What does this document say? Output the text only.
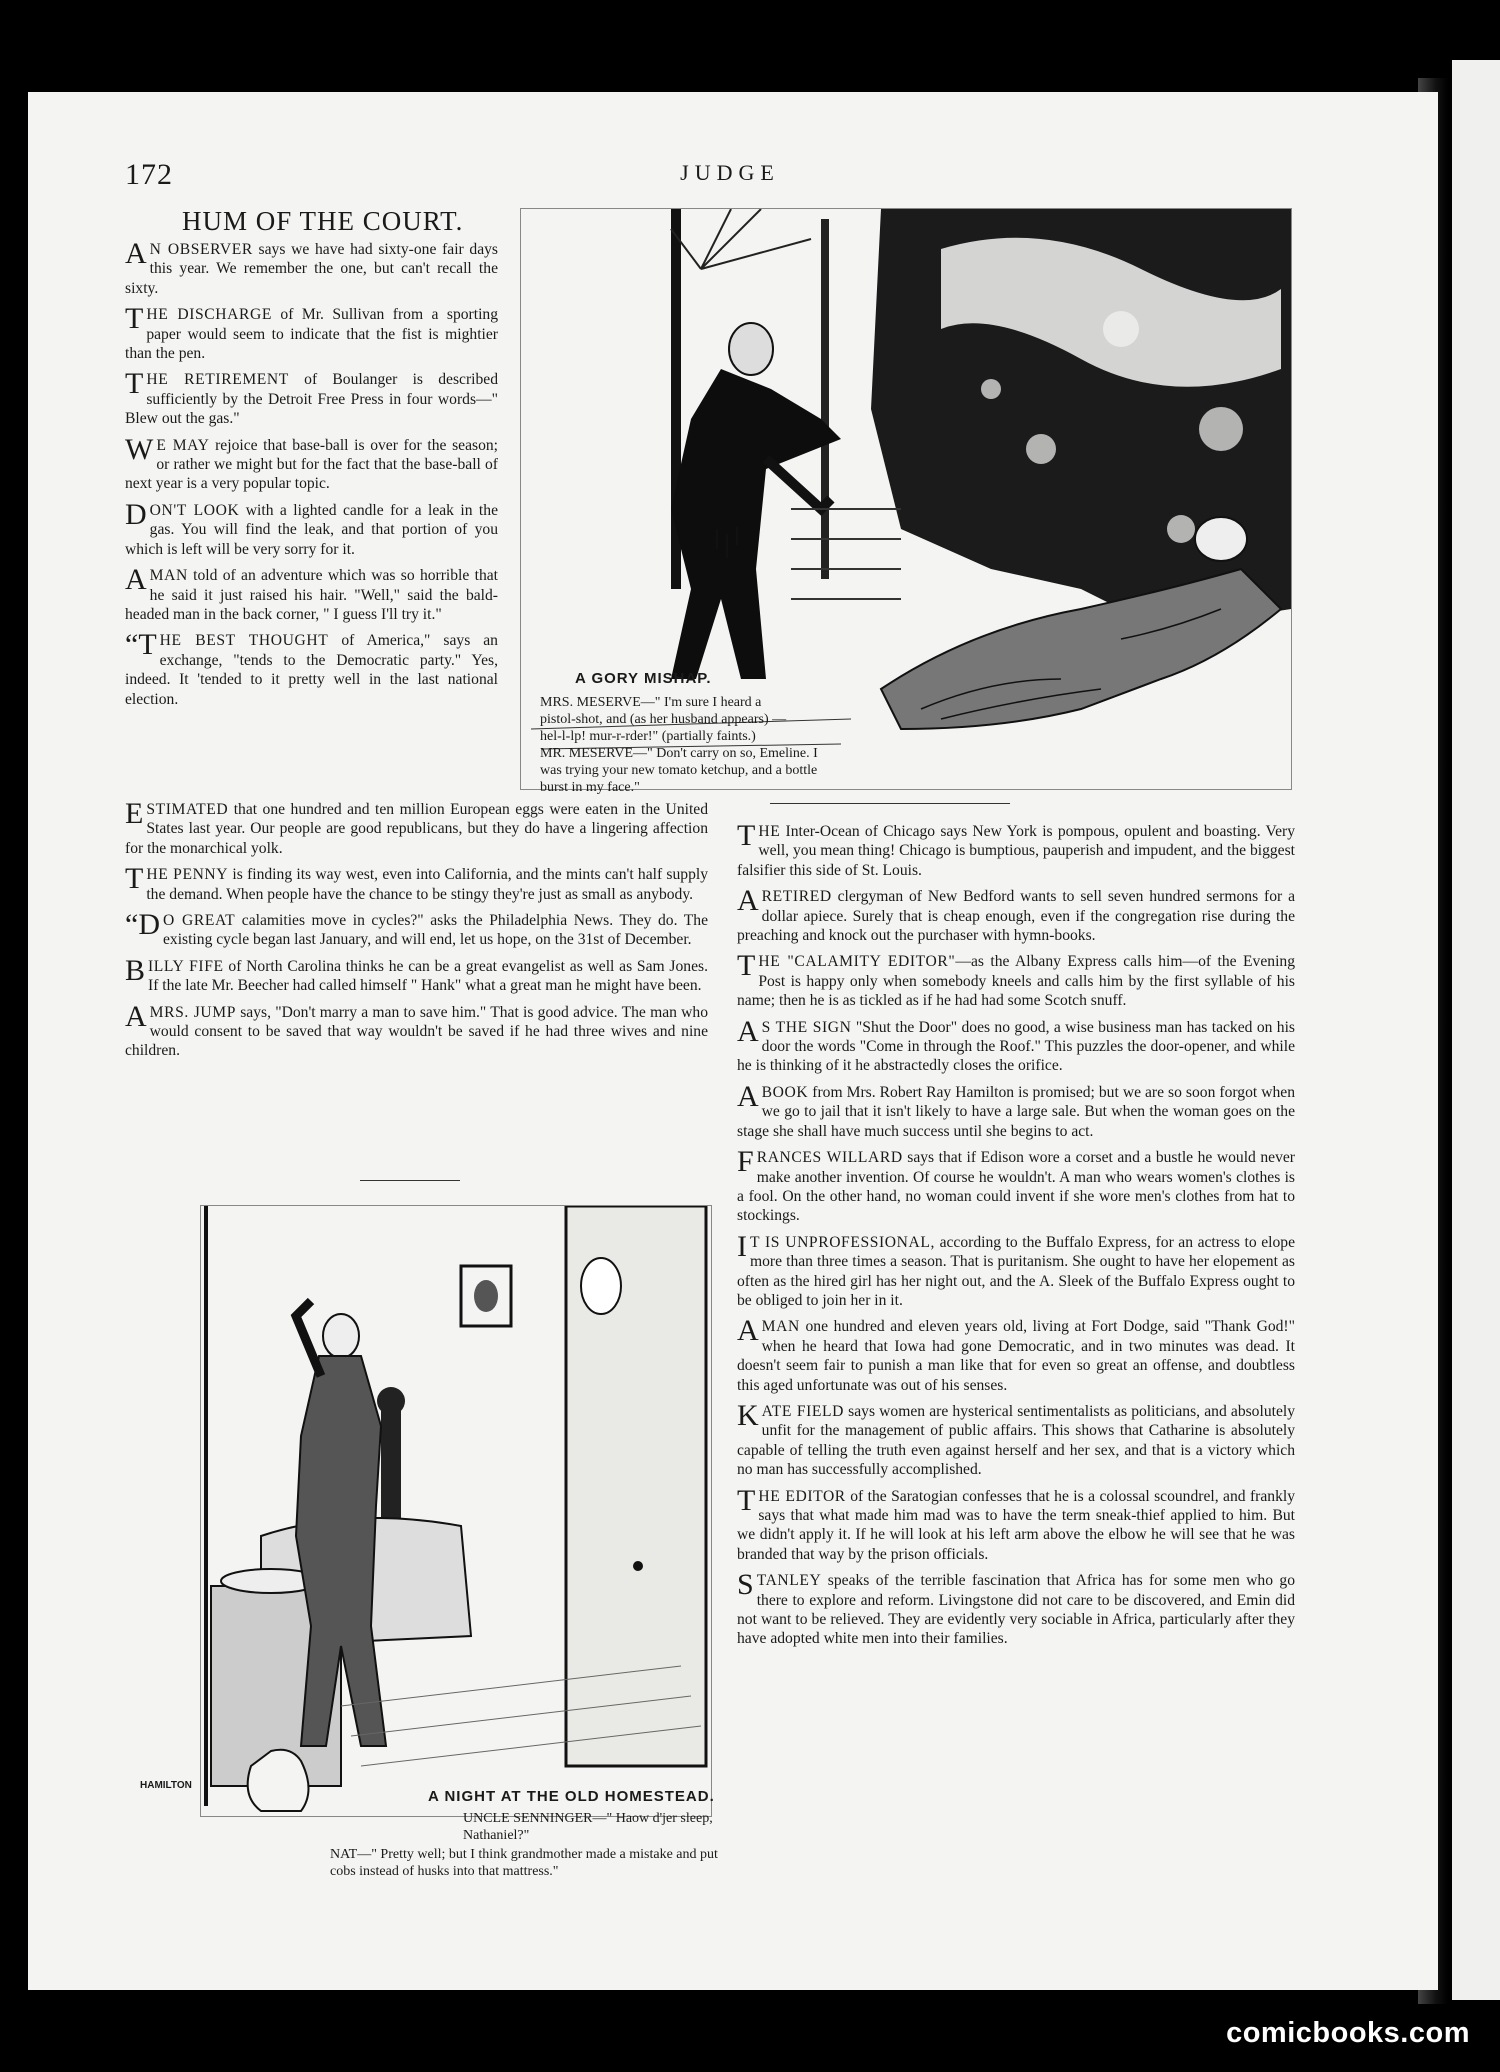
172	JUDGE
HUM OF THE COURT.

A N OBSERVER says we have had sixty-one fair days this year. We remember the one, but can't recall the sixty.

THE DISCHARGE of Mr. Sullivan from a sporting paper would seem to indicate that the fist is mightier than the pen.

THE RETIREMENT of Boulanger is described sufficiently by the Detroit Free Press in four words—" Blew out the gas."

W E MAY rejoice that base-ball is over for the season; or rather we might but for the fact that the base-ball of next year is a very popular topic.

DON'T LOOK with a lighted candle for a leak in the gas. You will find the leak, and that portion of you which is left will be very sorry for it.

A MAN told of an adventure which was so horrible that he said it just raised his hair. "Well," said the bald-headed man in the back corner, " I guess I'll try it."

“THE BEST THOUGHT of America," says an exchange, "tends to the Democratic party." Yes, indeed. It 'tended to it pretty well in the last national election.

A GORY MISHAP.
MRS. MESERVE—" I'm sure I heard a pistol-shot, and (as her husband appears) —hel-l-lp! mur-r-rder!" (partially faints.)
MR. MESERVE—" Don't carry on so, Emeline. I was trying your new tomato ketchup, and a bottle burst in my face."

ESTIMATED that one hundred and ten million European eggs were eaten in the United States last year. Our people are good republicans, but they do have a lingering affection for the monarchical yolk.

THE PENNY is finding its way west, even into California, and the mints can't half supply the demand. When people have the chance to be stingy they're just as small as anybody.

“D O GREAT calamities move in cycles?" asks the Philadelphia News. They do. The existing cycle began last January, and will end, let us hope, on the 31st of December.

BILLY FIFE of North Carolina thinks he can be a great evangelist as well as Sam Jones. If the late Mr. Beecher had called himself " Hank" what a great man he might have been.

A MRS. JUMP says, "Don't marry a man to save him." That is good advice. The man who would consent to be saved that way wouldn't be saved if he had three wives and nine children.

THE Inter-Ocean of Chicago says New York is pompous, opulent and boasting. Very well, you mean thing! Chicago is bumptious, pauperish and impudent, and the biggest falsifier this side of St. Louis.

A RETIRED clergyman of New Bedford wants to sell seven hundred sermons for a dollar apiece. Surely that is cheap enough, even if the congregation rise during the preaching and knock out the purchaser with hymn-books.

THE "CALAMITY EDITOR"—as the Albany Express calls him—of the Evening Post is happy only when somebody kneels and calls him by the first syllable of his name; then he is as tickled as if he had had some Scotch snuff.

A S THE SIGN "Shut the Door" does no good, a wise business man has tacked on his door the words "Come in through the Roof." This puzzles the door-opener, and while he is thinking of it he abstractedly closes the orifice.

A BOOK from Mrs. Robert Ray Hamilton is promised; but we are so soon forgot when we go to jail that it isn't likely to have a large sale. But when the woman goes on the stage she shall have much success until she begins to act.

FRANCES WILLARD says that if Edison wore a corset and a bustle he would never make another invention. Of course he wouldn't. A man who wears women's clothes is a fool. On the other hand, no woman could invent if she wore men's clothes from hat to stockings.

I T IS UNPROFESSIONAL, according to the Buffalo Express, for an actress to elope more than three times a season. That is puritanism. She ought to have her elopement as often as the hired girl has her night out, and the A. Sleek of the Buffalo Express ought to be obliged to join her in it.

A MAN one hundred and eleven years old, living at Fort Dodge, said "Thank God!" when he heard that Iowa had gone Democratic, and in two minutes was dead. It doesn't seem fair to punish a man like that for even so great an offense, and doubtless this aged unfortunate was out of his senses.

KATE FIELD says women are hysterical sentimentalists as politicians, and absolutely unfit for the management of public affairs. This shows that Catharine is absolutely capable of telling the truth even against herself and her sex, and that is a victory which no man has successfully accomplished.

THE EDITOR of the Saratogian confesses that he is a colossal scoundrel, and frankly says that what made him mad was to have the term sneak-thief applied to him. But we didn't apply it. If he will look at his left arm above the elbow he will see that he was branded that way by the prison officials.

STANLEY speaks of the terrible fascination that Africa has for some men who go there to explore and reform. Livingstone did not care to be discovered, and Emin did not want to be relieved. They are evidently very sociable in Africa, particularly after they have adopted white men into their families.

HAMILTON
A NIGHT AT THE OLD HOMESTEAD.
UNCLE SENNINGER—" Haow d'jer sleep, Nathaniel?"
NAT—" Pretty well; but I think grandmother made a mistake and put cobs instead of husks into that mattress."
comicbooks.com
